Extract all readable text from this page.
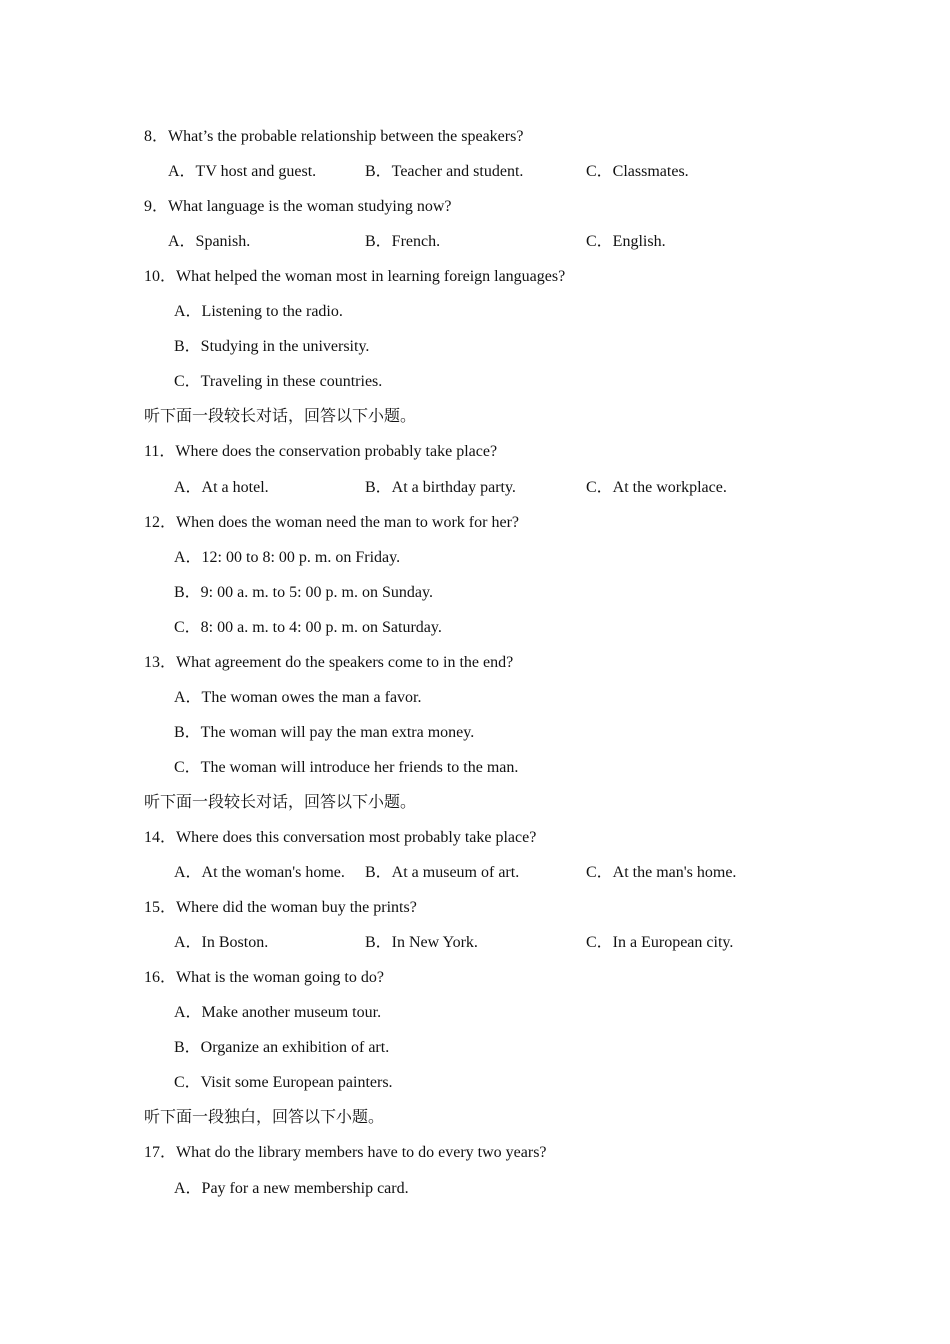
8．What’s the probable relationship between the speakers?
A．TV host and guest.	B．Teacher and student.	C．Classmates.
9．What language is the woman studying now?
A．Spanish.	B．French.	C．English.
10．What helped the woman most in learning foreign languages?
A．Listening to the radio.
B．Studying in the university.
C．Traveling in these countries.
听下面一段较长对话，回答以下小题。
11．Where does the conservation probably take place?
A．At a hotel.	B．At a birthday party.	C．At the workplace.
12．When does the woman need the man to work for her?
A．12: 00 to 8: 00 p. m. on Friday.
B．9: 00 a. m. to 5: 00 p. m. on Sunday.
C．8: 00 a. m. to 4: 00 p. m. on Saturday.
13．What agreement do the speakers come to in the end?
A．The woman owes the man a favor.
B．The woman will pay the man extra money.
C．The woman will introduce her friends to the man.
听下面一段较长对话，回答以下小题。
14．Where does this conversation most probably take place?
A．At the woman's home. B．At a museum of art.	C．At the man's home.
15．Where did the woman buy the prints?
A．In Boston.	B．In New York.	C．In a European city.
16．What is the woman going to do?
A．Make another museum tour.
B．Organize an exhibition of art.
C．Visit some European painters.
听下面一段独白，回答以下小题。
17．What do the library members have to do every two years?
A．Pay for a new membership card.
